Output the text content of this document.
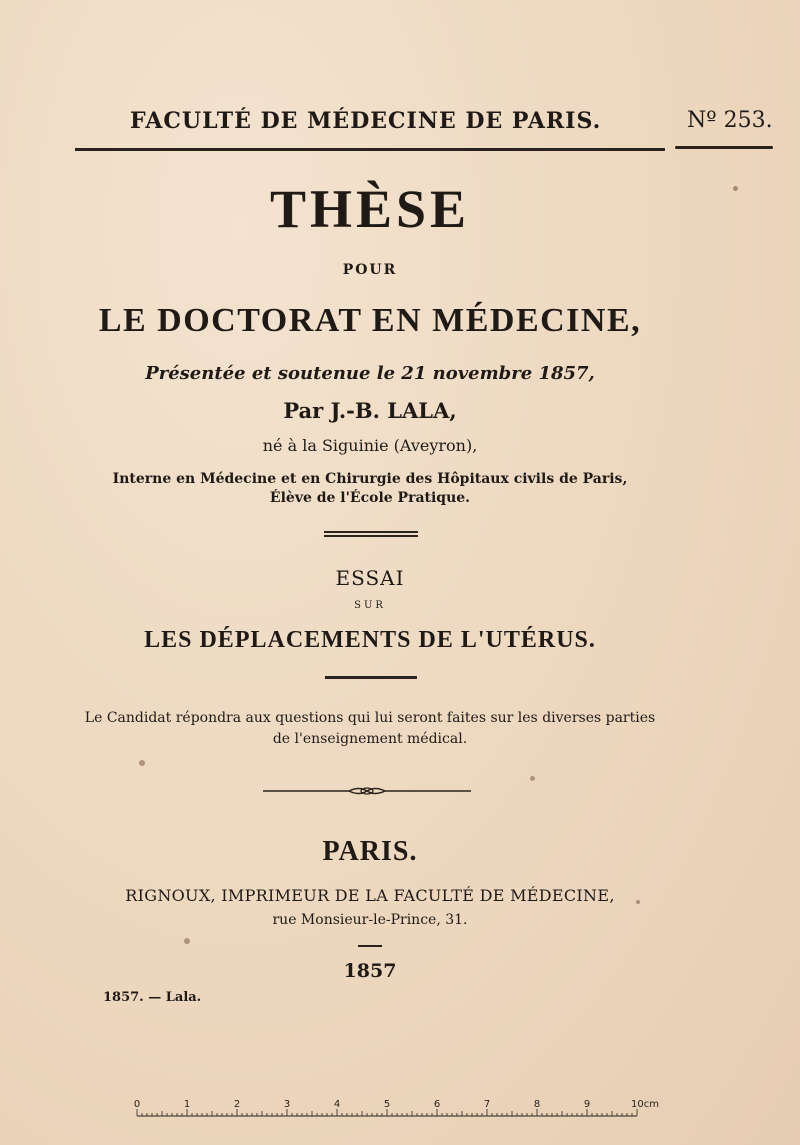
FACULTÉ DE MÉDECINE DE PARIS.	Nº 253.
THÈSE
POUR
LE DOCTORAT EN MÉDECINE,
Présentée et soutenue le 21 novembre 1857,
Par J.-B. LALA,
né à la Siguinie (Aveyron),
Interne en Médecine et en Chirurgie des Hôpitaux civils de Paris,
Élève de l'École Pratique.
ESSAI
SUR
LES DÉPLACEMENTS DE L'UTÉRUS.
Le Candidat répondra aux questions qui lui seront faites sur les diverses parties
de l'enseignement médical.
PARIS.
RIGNOUX, IMPRIMEUR DE LA FACULTÉ DE MÉDECINE,
rue Monsieur-le-Prince, 31.
1857
1857. — Lala.
0	1	2	3	4	5	6	7	8	9	10cm
